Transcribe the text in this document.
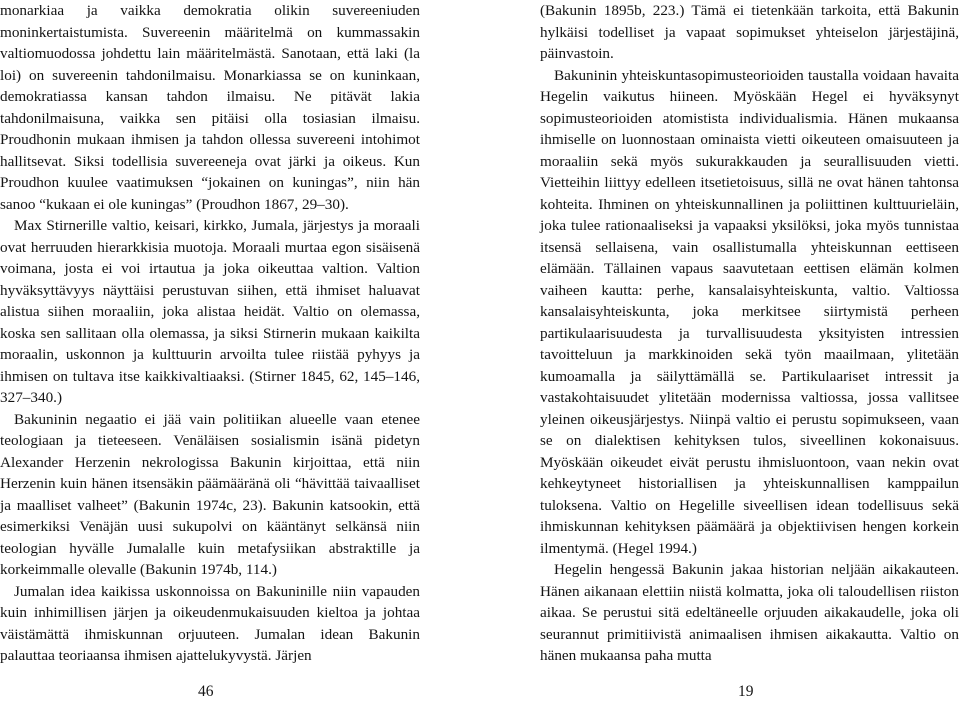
monarkiaa ja vaikka demokratia olikin suvereeniuden moninkertaistumista. Suvereenin määritelmä on kummassakin valtiomuodossa johdettu lain määritelmästä. Sanotaan, että laki (la loi) on suvereenin tahdonilmaisu. Monarkiassa se on kuninkaan, demokratiassa kansan tahdon ilmaisu. Ne pitävät lakia tahdonilmaisuna, vaikka sen pitäisi olla tosiasian ilmaisu. Proudhonin mukaan ihmisen ja tahdon ollessa suvereeni intohimot hallitsevat. Siksi todellisia suvereeneja ovat järki ja oikeus. Kun Proudhon kuulee vaatimuksen “jokainen on kuningas”, niin hän sanoo “kukaan ei ole kuningas” (Proudhon 1867, 29–30).

Max Stirnerille valtio, keisari, kirkko, Jumala, järjestys ja moraali ovat herruuden hierarkkisia muotoja. Moraali murtaa egon sisäisenä voimana, josta ei voi irtautua ja joka oikeuttaa valtion. Valtion hyväksyttävyys näyttäisi perustuvan siihen, että ihmiset haluavat alistua siihen moraaliin, joka alistaa heidät. Valtio on olemassa, koska sen sallitaan olla olemassa, ja siksi Stirnerin mukaan kaikilta moraalin, uskonnon ja kulttuurin arvoilta tulee riistää pyhyys ja ihmisen on tultava itse kaikkivaltiaaksi. (Stirner 1845, 62, 145–146, 327–340.)

Bakuninin negaatio ei jää vain politiikan alueelle vaan etenee teologiaan ja tieteeseen. Venäläisen sosialismin isänä pidetyn Alexander Herzenin nekrologissa Bakunin kirjoittaa, että niin Herzenin kuin hänen itsensäkin päämääränä oli “hävittää taivaalliset ja maalliset valheet” (Bakunin 1974c, 23). Bakunin katsookin, että esimerkiksi Venäjän uusi sukupolvi on kääntänyt selkänsä niin teologian hyvälle Jumalalle kuin metafysiikan abstraktille ja korkeimmalle olevalle (Bakunin 1974b, 114.)

Jumalan idea kaikissa uskonnoissa on Bakuninille niin vapauden kuin inhimillisen järjen ja oikeudenmukaisuuden kieltoa ja johtaa väistämättä ihmiskunnan orjuuteen. Jumalan idean Bakunin palauttaa teoriaansa ihmisen ajattelukyvystä. Järjen

(Bakunin 1895b, 223.) Tämä ei tietenkään tarkoita, että Bakunin hylkäisi todelliset ja vapaat sopimukset yhteiselon järjestäjinä, päinvastoin.

Bakuninin yhteiskuntasopimusteorioiden taustalla voidaan havaita Hegelin vaikutus hiineen. Myöskään Hegel ei hyväksynyt sopimusteorioiden atomistista individualismia. Hänen mukaansa ihmiselle on luonnostaan ominaista vietti oikeuteen omaisuuteen ja moraaliin sekä myös sukurakkauden ja seurallisuuden vietti. Vietteihin liittyy edelleen itsetietoisuus, sillä ne ovat hänen tahtonsa kohteita. Ihminen on yhteiskunnallinen ja poliittinen kulttuurieläin, joka tulee rationaaliseksi ja vapaaksi yksilöksi, joka myös tunnistaa itsensä sellaisena, vain osallistumalla yhteiskunnan eettiseen elämään. Tällainen vapaus saavutetaan eettisen elämän kolmen vaiheen kautta: perhe, kansalaisyhteiskunta, valtio. Valtiossa kansalaisyhteiskunta, joka merkitsee siirtymistä perheen partikulaarisuudesta ja turvallisuudesta yksityisten intressien tavoitteluun ja markkinoiden sekä työn maailmaan, ylitetään kumoamalla ja säilyttämällä se. Partikulaariset intressit ja vastakohtaisuudet ylitetään modernissa valtiossa, jossa vallitsee yleinen oikeusjärjestys. Niinpä valtio ei perustu sopimukseen, vaan se on dialektisen kehityksen tulos, siveellinen kokonaisuus. Myöskään oikeudet eivät perustu ihmisluontoon, vaan nekin ovat kehkeytyneet historiallisen ja yhteiskunnallisen kamppailun tuloksena. Valtio on Hegelille siveellisen idean todellisuus sekä ihmiskunnan kehityksen päämäärä ja objektiivisen hengen korkein ilmentymä. (Hegel 1994.)

Hegelin hengessä Bakunin jakaa historian neljään aikakauteen. Hänen aikanaan elettiin niistä kolmatta, joka oli taloudellisen riiston aikaa. Se perustui sitä edeltäneelle orjuuden aikakaudelle, joka oli seurannut primitiivistä animaalisen ihmisen aikakautta. Valtio on hänen mukaansa paha mutta

46	19
